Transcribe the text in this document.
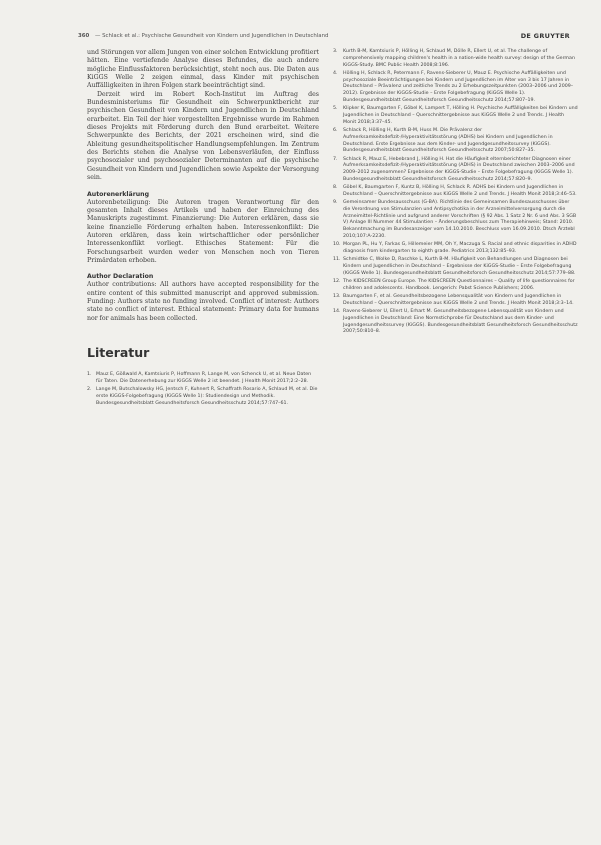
360 — Schlack et al.: Psychische Gesundheit von Kindern und Jugendlichen in Deutschland	DE GRUYTER

und Störungen vor allem Jungen von einer solchen Entwicklung profitiert hätten. Eine vertiefende Analyse dieses Befundes, die auch andere mögliche Einflussfaktoren berücksichtigt, steht noch aus. Die Daten aus KiGGS Welle 2 zeigen einmal, dass Kinder mit psychischen Auffälligkeiten in ihren Folgen stark beeinträchtigt sind.

Derzeit wird im Robert Koch-Institut im Auftrag des Bundesministeriums für Gesundheit ein Schwerpunktbericht zur psychischen Gesundheit von Kindern und Jugendlichen in Deutschland erarbeitet. Ein Teil der hier vorgestellten Ergebnisse wurde im Rahmen dieses Projekts mit Förderung durch den Bund erarbeitet. Weitere Schwerpunkte des Berichts, der 2021 erscheinen wird, sind die Ableitung gesundheitspolitischer Handlungsempfehlungen. Im Zentrum des Berichts stehen die Analyse von Lebensverläufen, der Einfluss psychosozialer und psychosozialer Determinanten auf die psychische Gesundheit von Kindern und Jugendlichen sowie Aspekte der Versorgung sein.

Autorenerklärung

Autorenbeteiligung: Die Autoren tragen Verantwortung für den gesamten Inhalt dieses Artikels und haben der Einreichung des Manuskripts zugestimmt. Finanzierung: Die Autoren erklären, dass sie keine finanzielle Förderung erhalten haben. Interessenkonflikt: Die Autoren erklären, dass kein wirtschaftlicher oder persönlicher Interessenkonflikt vorliegt. Ethisches Statement: Für die Forschungsarbeit wurden weder von Menschen noch von Tieren Primärdaten erhoben.

Author Declaration

Author contributions: All authors have accepted responsibility for the entire content of this submitted manuscript and approved submission. Funding: Authors state no funding involved. Conflict of interest: Authors state no conflict of interest. Ethical statement: Primary data for humans nor for animals has been collected.

Literatur
1. Mauz E, Gößwald A, Kamtsiuris P, Hoffmann R, Lange M, von Schenck U, et al. Neue Daten für Taten. Die Datenerhebung zur KiGGS Welle 2 ist beendet. J Health Monit 2017;2:2–28.
2. Lange M, Butschalowsky HG, Jentsch F, Kuhnert R, Schaffrath Rosario A, Schlaud M, et al. Die erste KiGGS-Folgebefragung (KiGGS Welle 1): Studiendesign und Methodik. Bundesgesundheitsblatt Gesundheitsforsch Gesundheitsschutz 2014;57:747–61.
3.	Kurth B-M, Kamtsiuris P, Hölling H, Schlaud M, Dölle R, Ellert U, et al. The challenge of comprehensively mapping children's health in a nation-wide health survey: design of the German KiGGS-Study. BMC Public Health 2008;8:196.
4.	Hölling H, Schlack R, Petermann F, Ravens-Sieberer U, Mauz E. Psychische Auffälligkeiten und psychosoziale Beeinträchtigungen bei Kindern und Jugendlichen im Alter von 3 bis 17 Jahren in Deutschland – Prävalenz und zeitliche Trends zu 2 Erhebungszeitpunkten (2003–2006 und 2009–2012). Ergebnisse der KiGGS-Studie – Erste Folgebefragung (KiGGS Welle 1). Bundesgesundheitsblatt Gesundheitsforsch Gesundheitsschutz 2014;57:807–19.
5.	Klipker K, Baumgarten F, Göbel K, Lampert T, Hölling H. Psychische Auffälligkeiten bei Kindern und Jugendlichen in Deutschland – Querschnittergebnisse aus KiGGS Welle 2 und Trends. J Health Monit 2018;3:37–45.
6.	Schlack R, Hölling H, Kurth B-M, Huss M. Die Prävalenz der Aufmerksamkeitsdefizit-/Hyperaktivitätsstörung (ADHS) bei Kindern und Jugendlichen in Deutschland. Erste Ergebnisse aus dem Kinder- und Jugendgesundheitssurvey (KiGGS). Bundesgesundheitsblatt Gesundheitsforsch Gesundheitsschutz 2007;50:827–35.
7.	Schlack R, Mauz E, Hebebrand J, Hölling H. Hat die Häufigkeit elternberichteter Diagnosen einer Aufmerksamkeitsdefizit-/Hyperaktivitätsstörung (ADHS) in Deutschland zwischen 2003–2006 und 2009–2012 zugenommen? Ergebnisse der KiGGS-Studie – Erste Folgebefragung (KiGGS Welle 1). Bundesgesundheitsblatt Gesundheitsforsch Gesundheitsschutz 2014;57:820–9.
8.	Göbel K, Baumgarten F, Kuntz B, Hölling H, Schlack R. ADHS bei Kindern und Jugendlichen in Deutschland – Querschnittergebnisse aus KiGGS Welle 2 und Trends. J Health Monit 2018;3:46–53.
9.	Gemeinsamer Bundesausschuss (G-BA). Richtlinie des Gemeinsamen Bundesausschusses über die Verordnung von Stimulanzien und Antipsychotika in der Arzneimittelversorgung durch die Arzneimittel-Richtlinie und aufgrund anderer Vorschriften (§ 92 Abs. 1 Satz 2 Nr. 6 und Abs. 3 SGB V) Anlage III Nummer 44 Stimulantien – Änderungsbeschluss zum Therapiehinweis; Stand: 2010. Bekanntmachung im Bundesanzeiger vom 14.10.2010. Beschluss vom 16.09.2010. Dtsch Ärztebl 2010;107:A-2230.
10. Morgan PL, Hu Y, Farkas G, Hillemeier MM, Oh Y, Maczuga S. Racial and ethnic disparities in ADHD diagnosis from kindergarten to eighth grade. Pediatrics 2013;132:85–93.
11. Schmidtke C, Wolke D, Raschke L, Kurth B-M. Häufigkeit von Behandlungen und Diagnosen bei Kindern und Jugendlichen in Deutschland – Ergebnisse der KiGGS-Studie – Erste Folgebefragung (KiGGS Welle 1). Bundesgesundheitsblatt Gesundheitsforsch Gesundheitsschutz 2014;57:779–88.
12. The KIDSCREEN Group Europe. The KIDSCREEN Questionnaires – Quality of life questionnaires for children and adolescents. Handbook. Lengerich: Pabst Science Publishers; 2006.
13. Baumgarten F, et al. Gesundheitsbezogene Lebensqualität von Kindern und Jugendlichen in Deutschland – Querschnittergebnisse aus KiGGS Welle 2 und Trends. J Health Monit 2018;3:3–14.
14. Ravens-Sieberer U, Ellert U, Erhart M. Gesundheitsbezogene Lebensqualität von Kindern und Jugendlichen in Deutschland: Eine Normstichprobe für Deutschland aus dem Kinder- und Jugendgesundheitssurvey (KiGGS). Bundesgesundheitsblatt Gesundheitsforsch Gesundheitsschutz 2007;50:810–8.
